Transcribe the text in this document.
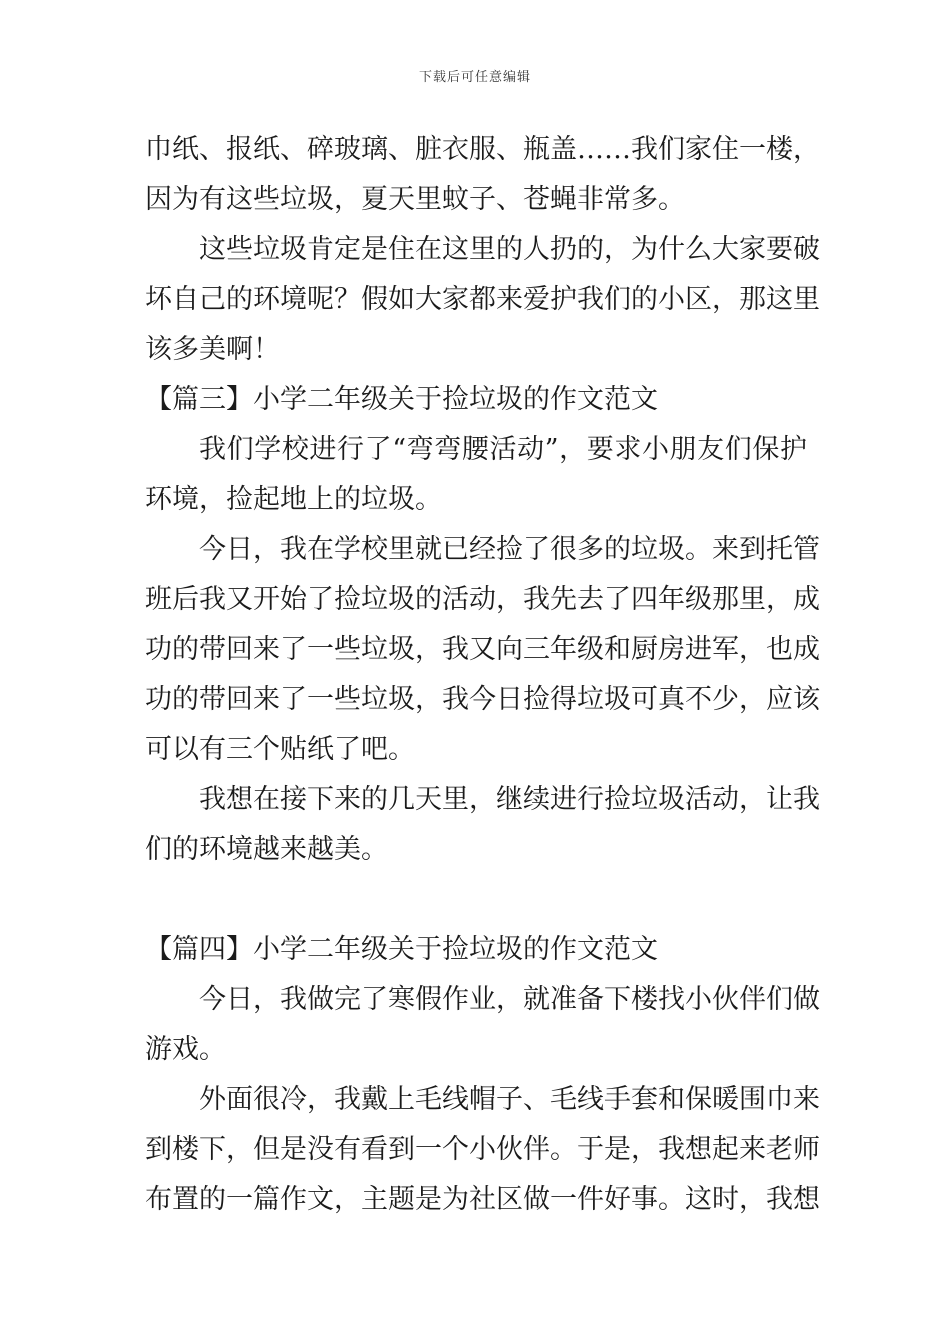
下载后可任意编辑
巾纸、报纸、碎玻璃、脏衣服、瓶盖……我们家住一楼，
因为有这些垃圾，夏天里蚊子、苍蝇非常多。
这些垃圾肯定是住在这里的人扔的，为什么大家要破
坏自己的环境呢？假如大家都来爱护我们的小区，那这里
该多美啊！
【篇三】小学二年级关于捡垃圾的作文范文
我们学校进行了“弯弯腰活动”，要求小朋友们保护
环境，捡起地上的垃圾。
今日，我在学校里就已经捡了很多的垃圾。来到托管
班后我又开始了捡垃圾的活动，我先去了四年级那里，成
功的带回来了一些垃圾，我又向三年级和厨房进军，也成
功的带回来了一些垃圾，我今日捡得垃圾可真不少，应该
可以有三个贴纸了吧。
我想在接下来的几天里，继续进行捡垃圾活动，让我
们的环境越来越美。
【篇四】小学二年级关于捡垃圾的作文范文
今日，我做完了寒假作业，就准备下楼找小伙伴们做
游戏。
外面很冷，我戴上毛线帽子、毛线手套和保暖围巾来
到楼下，但是没有看到一个小伙伴。于是，我想起来老师
布置的一篇作文，主题是为社区做一件好事。这时，我想
